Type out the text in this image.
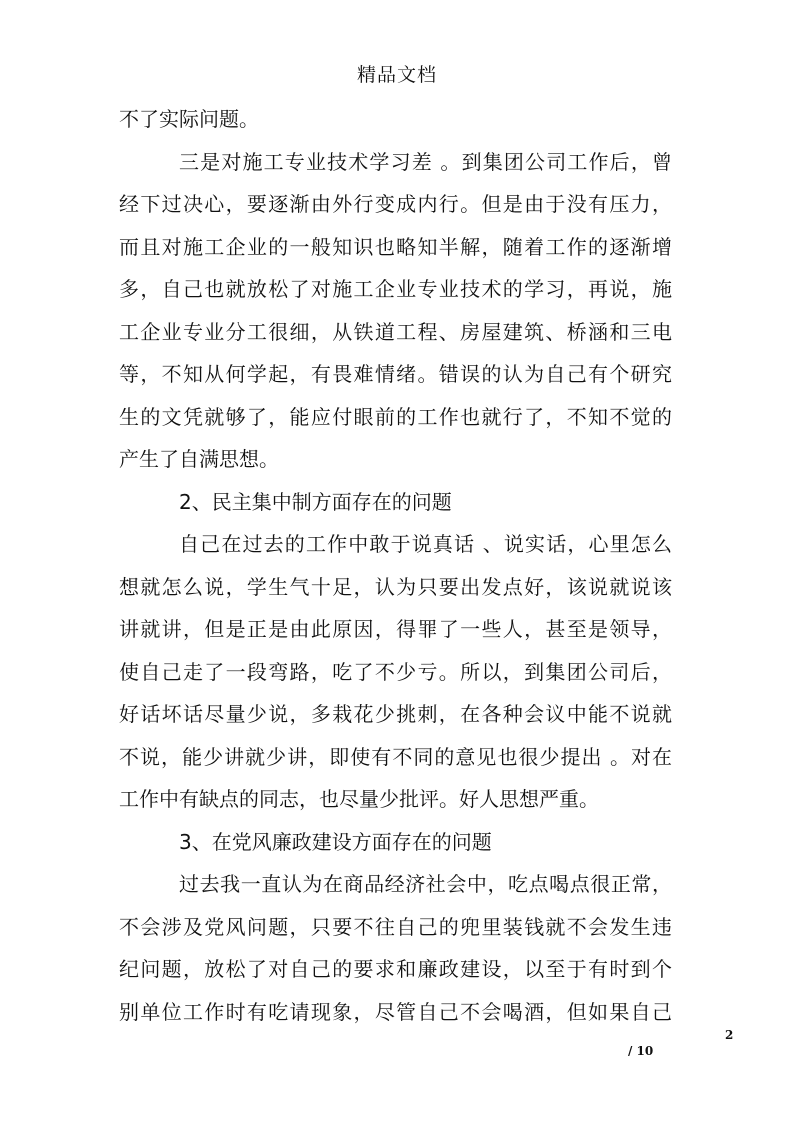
精品文档
不了实际问题。
三是对施工专业技术学习差 。到集团公司工作后，曾
经下过决心，要逐渐由外行变成内行。但是由于没有压力，
而且对施工企业的一般知识也略知半解，随着工作的逐渐增
多，自己也就放松了对施工企业专业技术的学习，再说，施
工企业专业分工很细，从铁道工程、房屋建筑、桥涵和三电
等，不知从何学起，有畏难情绪。错误的认为自己有个研究
生的文凭就够了，能应付眼前的工作也就行了，不知不觉的
产生了自满思想。
2、民主集中制方面存在的问题
自己在过去的工作中敢于说真话 、说实话，心里怎么
想就怎么说，学生气十足，认为只要出发点好，该说就说该
讲就讲，但是正是由此原因，得罪了一些人，甚至是领导，
使自己走了一段弯路，吃了不少亏。所以，到集团公司后，
好话坏话尽量少说，多栽花少挑刺，在各种会议中能不说就
不说，能少讲就少讲，即使有不同的意见也很少提出 。对在
工作中有缺点的同志，也尽量少批评。好人思想严重。
3、在党风廉政建设方面存在的问题
过去我一直认为在商品经济社会中，吃点喝点很正常，
不会涉及党风问题，只要不往自己的兜里装钱就不会发生违
纪问题，放松了对自己的要求和廉政建设，以至于有时到个
别单位工作时有吃请现象，尽管自己不会喝酒，但如果自己
2
/ 10
